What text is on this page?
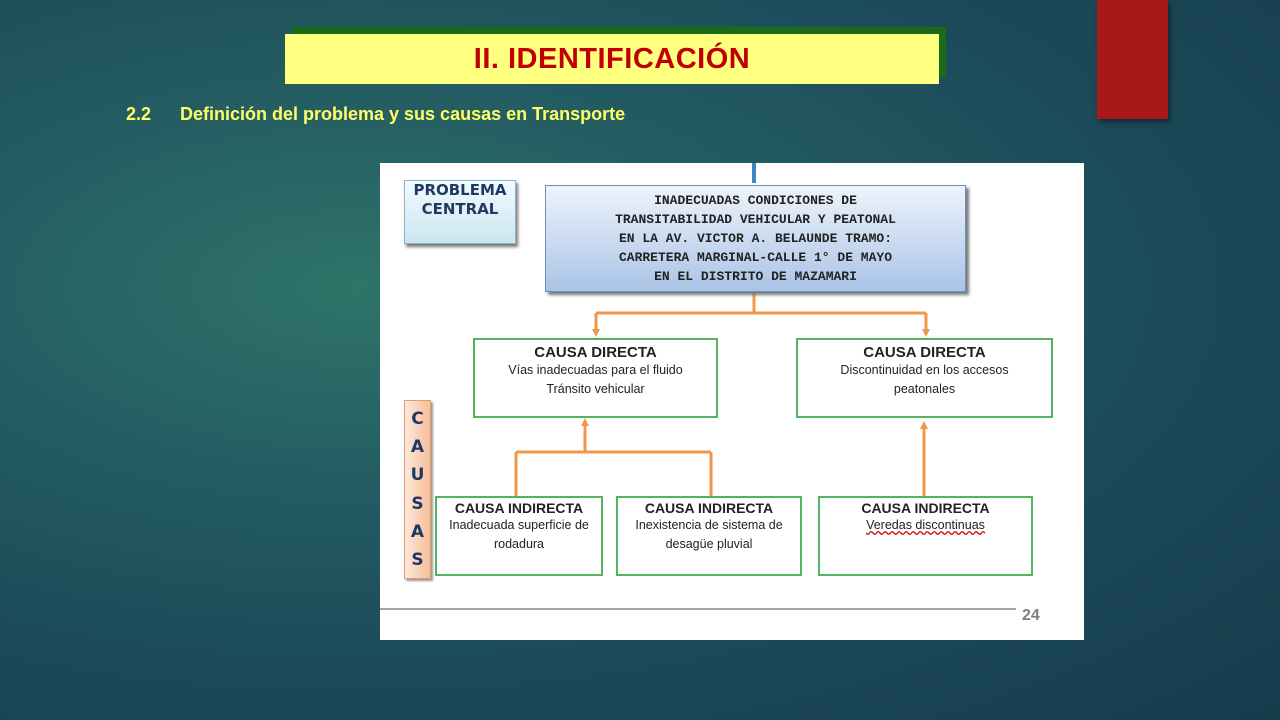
II. IDENTIFICACIÓN
2.2 Definición del problema y sus causas en Transporte
PROBLEMA
CENTRAL	INADECUADAS CONDICIONES DE
TRANSITABILIDAD VEHICULAR Y PEATONAL
EN LA AV. VICTOR A. BELAUNDE TRAMO:
CARRETERA MARGINAL-CALLE 1° DE MAYO
EN EL DISTRITO DE MAZAMARI
CAUSA DIRECTA
Vías inadecuadas para el fluido
Tránsito vehicular
CAUSA DIRECTA
Discontinuidad en los accesos
peatonales
C
A
U
S
A
S
CAUSA INDIRECTA
Inadecuada superficie de
rodadura
CAUSA INDIRECTA
Inexistencia de sistema de
desagüe pluvial
CAUSA INDIRECTA
Veredas discontinuas
24
